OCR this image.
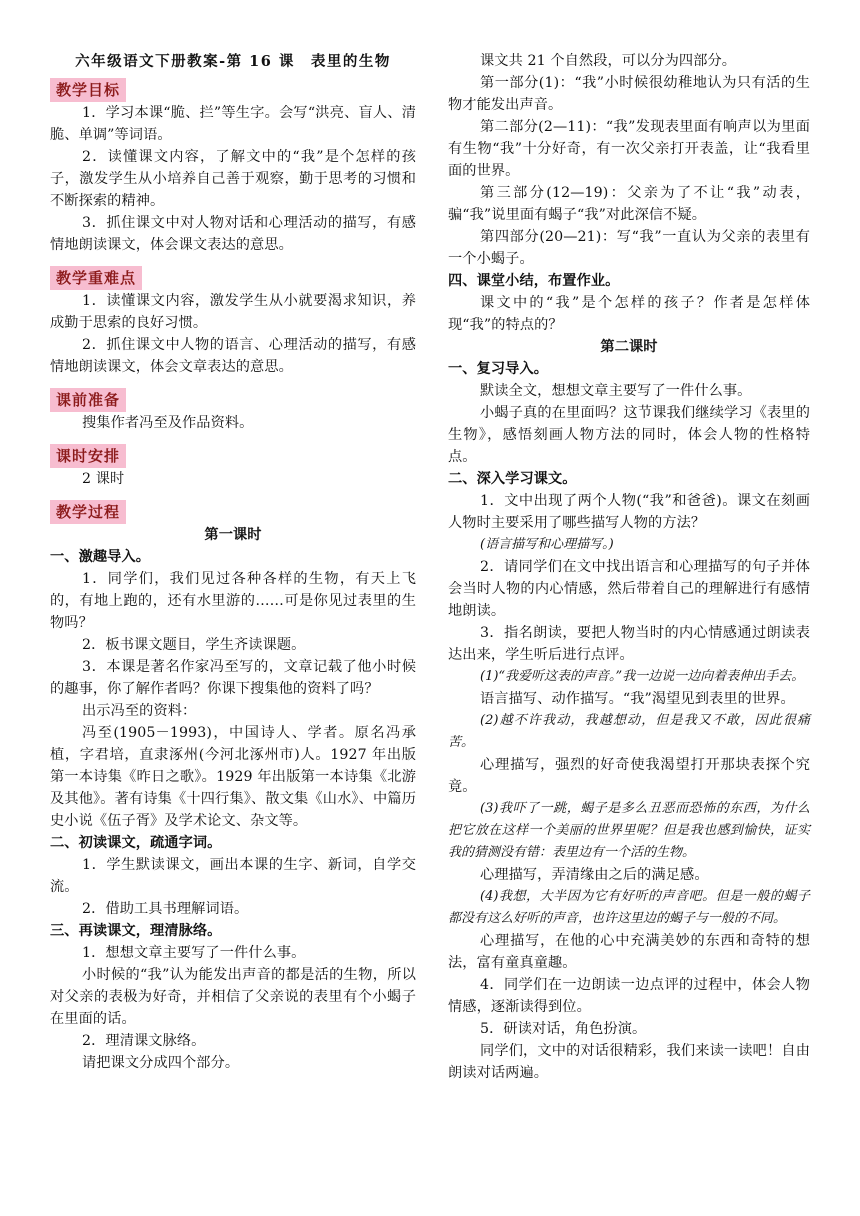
六年级语文下册教案-第 16 课　表里的生物
教学目标

1．学习本课“脆、拦”等生字。会写“洪亮、盲人、清脆、单调”等词语。

2．读懂课文内容，了解文中的“我”是个怎样的孩子，激发学生从小培养自己善于观察，勤于思考的习惯和不断探索的精神。

3．抓住课文中对人物对话和心理活动的描写，有感情地朗读课文，体会课文表达的意思。

教学重难点

1．读懂课文内容，激发学生从小就要渴求知识，养成勤于思索的良好习惯。

2．抓住课文中人物的语言、心理活动的描写，有感情地朗读课文，体会文章表达的意思。

课前准备

搜集作者冯至及作品资料。

课时安排

2 课时

教学过程

第一课时

一、激趣导入。

1．同学们，我们见过各种各样的生物，有天上飞的，有地上跑的，还有水里游的……可是你见过表里的生物吗？

2．板书课文题目，学生齐读课题。

3．本课是著名作家冯至写的，文章记载了他小时候的趣事，你了解作者吗？你课下搜集他的资料了吗？

出示冯至的资料：

冯至(1905－1993)，中国诗人、学者。原名冯承植，字君培，直隶涿州(今河北涿州市)人。1927 年出版第一本诗集《昨日之歌》。1929 年出版第一本诗集《北游及其他》。著有诗集《十四行集》、散文集《山水》、中篇历史小说《伍子胥》及学术论文、杂文等。

二、初读课文，疏通字词。

1．学生默读课文，画出本课的生字、新词，自学交流。

2．借助工具书理解词语。

三、再读课文，理清脉络。

1．想想文章主要写了一件什么事。

小时候的“我”认为能发出声音的都是活的生物，所以对父亲的表极为好奇，并相信了父亲说的表里有个小蝎子在里面的话。

2．理清课文脉络。

请把课文分成四个部分。

课文共 21 个自然段，可以分为四部分。

第一部分(1)：“我”小时候很幼稚地认为只有活的生物才能发出声音。

第二部分(2—11)：“我”发现表里面有响声以为里面有生物“我”十分好奇，有一次父亲打开表盖，让“我看里面的世界。

第三部分(12—19)：父亲为了不让“我”动表，骗“我”说里面有蝎子“我”对此深信不疑。

第四部分(20—21)：写“我”一直认为父亲的表里有一个小蝎子。

四、课堂小结，布置作业。

课文中的“我”是个怎样的孩子？作者是怎样体现“我”的特点的？

第二课时

一、复习导入。

默读全文，想想文章主要写了一件什么事。

小蝎子真的在里面吗？这节课我们继续学习《表里的生物》，感悟刻画人物方法的同时，体会人物的性格特点。

二、深入学习课文。

1．文中出现了两个人物(“我”和爸爸)。课文在刻画人物时主要采用了哪些描写人物的方法？

(语言描写和心理描写。)

2．请同学们在文中找出语言和心理描写的句子并体会当时人物的内心情感，然后带着自己的理解进行有感情地朗读。

3．指名朗读，要把人物当时的内心情感通过朗读表达出来，学生听后进行点评。

(1)“我爱听这表的声音。”我一边说一边向着表伸出手去。

语言描写、动作描写。“我”渴望见到表里的世界。

(2)越不许我动，我越想动，但是我又不敢，因此很痛苦。

心理描写，强烈的好奇使我渴望打开那块表探个究竟。

(3)我吓了一跳，蝎子是多么丑恶而恐怖的东西，为什么把它放在这样一个美丽的世界里呢？但是我也感到愉快，证实我的猜测没有错：表里边有一个活的生物。

心理描写，弄清缘由之后的满足感。

(4)我想，大半因为它有好听的声音吧。但是一般的蝎子都没有这么好听的声音，也许这里边的蝎子与一般的不同。

心理描写，在他的心中充满美妙的东西和奇特的想法，富有童真童趣。

4．同学们在一边朗读一边点评的过程中，体会人物情感，逐渐读得到位。

5．研读对话，角色扮演。

同学们，文中的对话很精彩，我们来读一读吧！自由朗读对话两遍。
